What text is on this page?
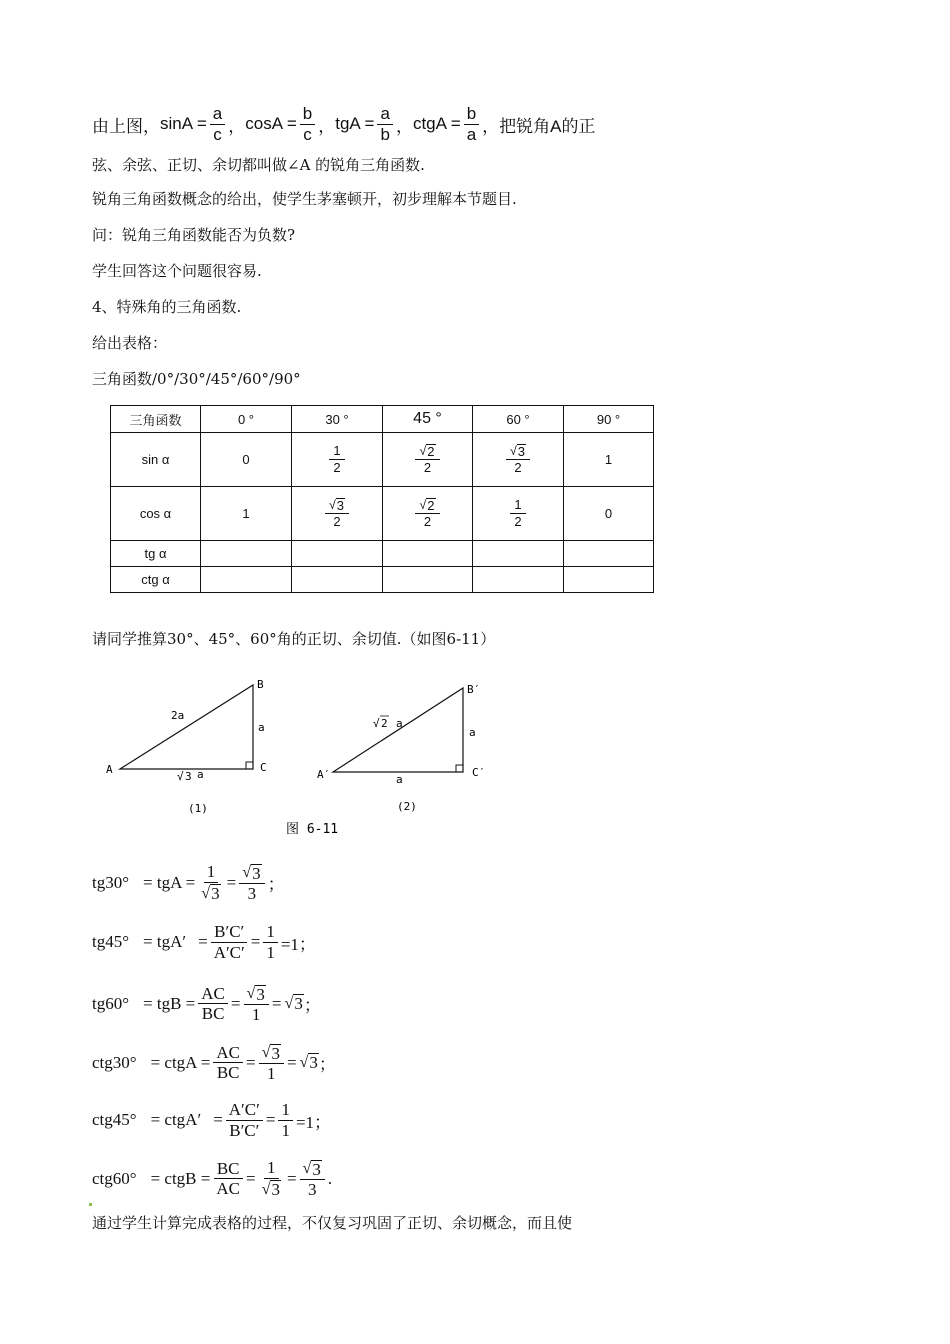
由上图， $\sin A = \frac{a}{c}$ ， $\cos A = \frac{b}{c}$ ， tgA = $\frac{a}{b}$ ， ctgA = $\frac{b}{a}$ ，把锐角A的正
弦、余弦、正切、余切都叫做∠A 的锐角三角函数.
锐角三角函数概念的给出，使学生茅塞顿开，初步理解本节题目.
问：锐角三角函数能否为负数?
学生回答这个问题很容易.
4、特殊角的三角函数.
给出表格：
三角函数/0°/30°/45°/60°/90°
三角函数	0 °	30 °	45 °	60 °	90 °
sin α	0	$\frac{1}{2}$	$\frac{√ 2}{2}$	$\frac{√ 3}{2}$	1
cos α	1	$\frac{√ 3}{2}$	$\frac{√ 2}{2}$	$\frac{1}{2}$	0
tg α					
ctg α					
请同学推算30°、45°、60°角的正切、余切值.（如图6-11）
A
B
C
2a
a
√ 3 a
(1)
A′
B′
C′
√ 2 a
a
a
(2)
图 6-11
tg30° = tgA = $\frac{1}{√ 3} = \frac{√ 3}{3}$ ；
$tg45^\circ = tgA' = \frac{B'C'}{A'C'} = \frac{1}{1} =1$；
tg60° = tgB = $\frac{AC}{BC} = \frac{√ 3}{1}$ = √ 3 ；
ctg30° = ctgA = $\frac{AC}{BC} = \frac{√ 3}{1}$ = √ 3 ；
ctg45° = ctgA′ = $\frac{A'C'}{B'C'} = \frac{1}{1} =1$；
ctg60° = ctgB = $\frac{BC}{AC} = \frac{1}{√ 3} = \frac{√ 3}{3}$ .
通过学生计算完成表格的过程，不仅复习巩固了正切、余切概念，而且使
